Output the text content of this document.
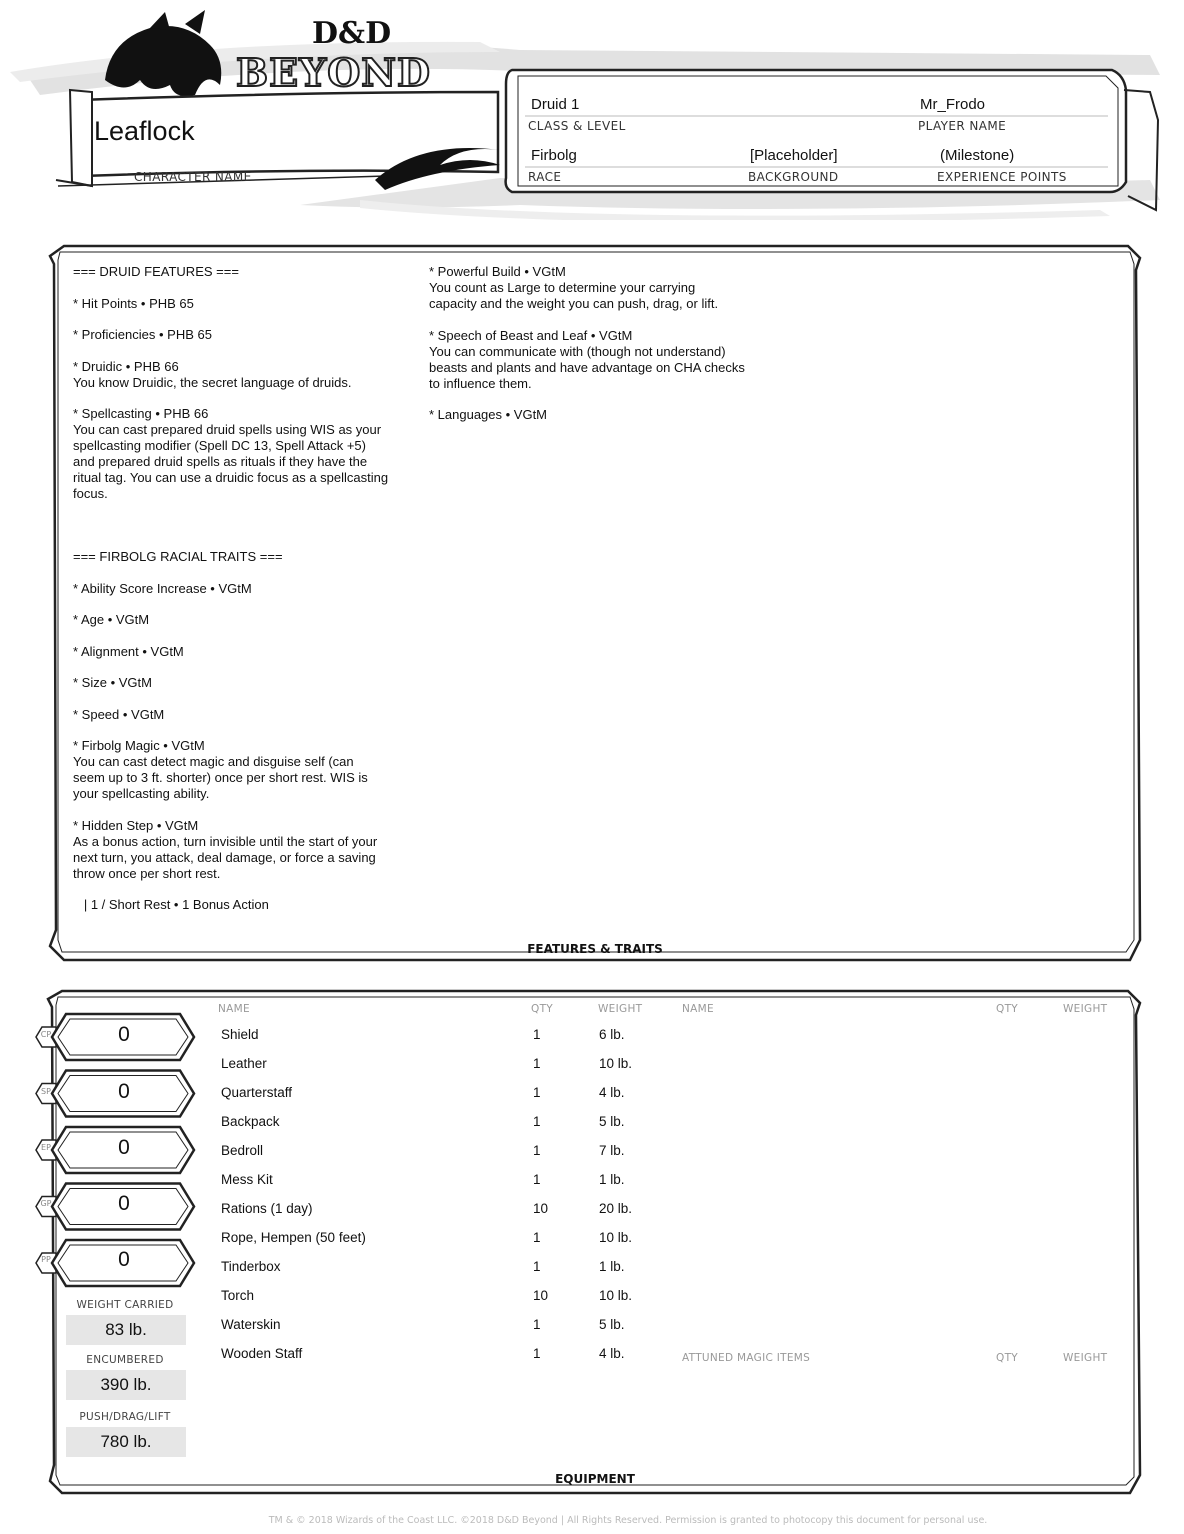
D&D
BEYOND
Leaflock
CHARACTER NAME
Druid 1
CLASS & LEVEL
Mr_Frodo
PLAYER NAME
Firbolg
RACE
[Placeholder]
BACKGROUND
(Milestone)
EXPERIENCE POINTS
=== DRUID FEATURES ===
* Hit Points • PHB 65
* Proficiencies • PHB 65
* Druidic • PHB 66
You know Druidic, the secret language of druids.
* Spellcasting • PHB 66
You can cast prepared druid spells using WIS as your
spellcasting modifier (Spell DC 13, Spell Attack +5)
and prepared druid spells as rituals if they have the
ritual tag. You can use a druidic focus as a spellcasting
focus.
=== FIRBOLG RACIAL TRAITS ===
* Ability Score Increase • VGtM
* Age • VGtM
* Alignment • VGtM
* Size • VGtM
* Speed • VGtM
* Firbolg Magic • VGtM
You can cast detect magic and disguise self (can
seem up to 3 ft. shorter) once per short rest. WIS is
your spellcasting ability.
* Hidden Step • VGtM
As a bonus action, turn invisible until the start of your
next turn, you attack, deal damage, or force a saving
throw once per short rest.
| 1 / Short Rest • 1 Bonus Action
* Powerful Build • VGtM
You count as Large to determine your carrying
capacity and the weight you can push, drag, or lift.
* Speech of Beast and Leaf • VGtM
You can communicate with (though not understand)
beasts and plants and have advantage on CHA checks
to influence them.
* Languages • VGtM
FEATURES & TRAITS
CP	0
SP	0
EP	0
GP	0
PP	0
WEIGHT CARRIED
83 lb.
ENCUMBERED
390 lb.
PUSH/DRAG/LIFT
780 lb.
NAME	QTY	WEIGHT	NAME	QTY	WEIGHT
ATTUNED MAGIC ITEMS	QTY	WEIGHT
Shield	1	6 lb.
Leather	1	10 lb.
Quarterstaff	1	4 lb.
Backpack	1	5 lb.
Bedroll	1	7 lb.
Mess Kit	1	1 lb.
Rations (1 day)	10	20 lb.
Rope, Hempen (50 feet)	1	10 lb.
Tinderbox	1	1 lb.
Torch	10	10 lb.
Waterskin	1	5 lb.
Wooden Staff	1	4 lb.
EQUIPMENT
TM & © 2018 Wizards of the Coast LLC. ©2018 D&D Beyond | All Rights Reserved. Permission is granted to photocopy this document for personal use.
